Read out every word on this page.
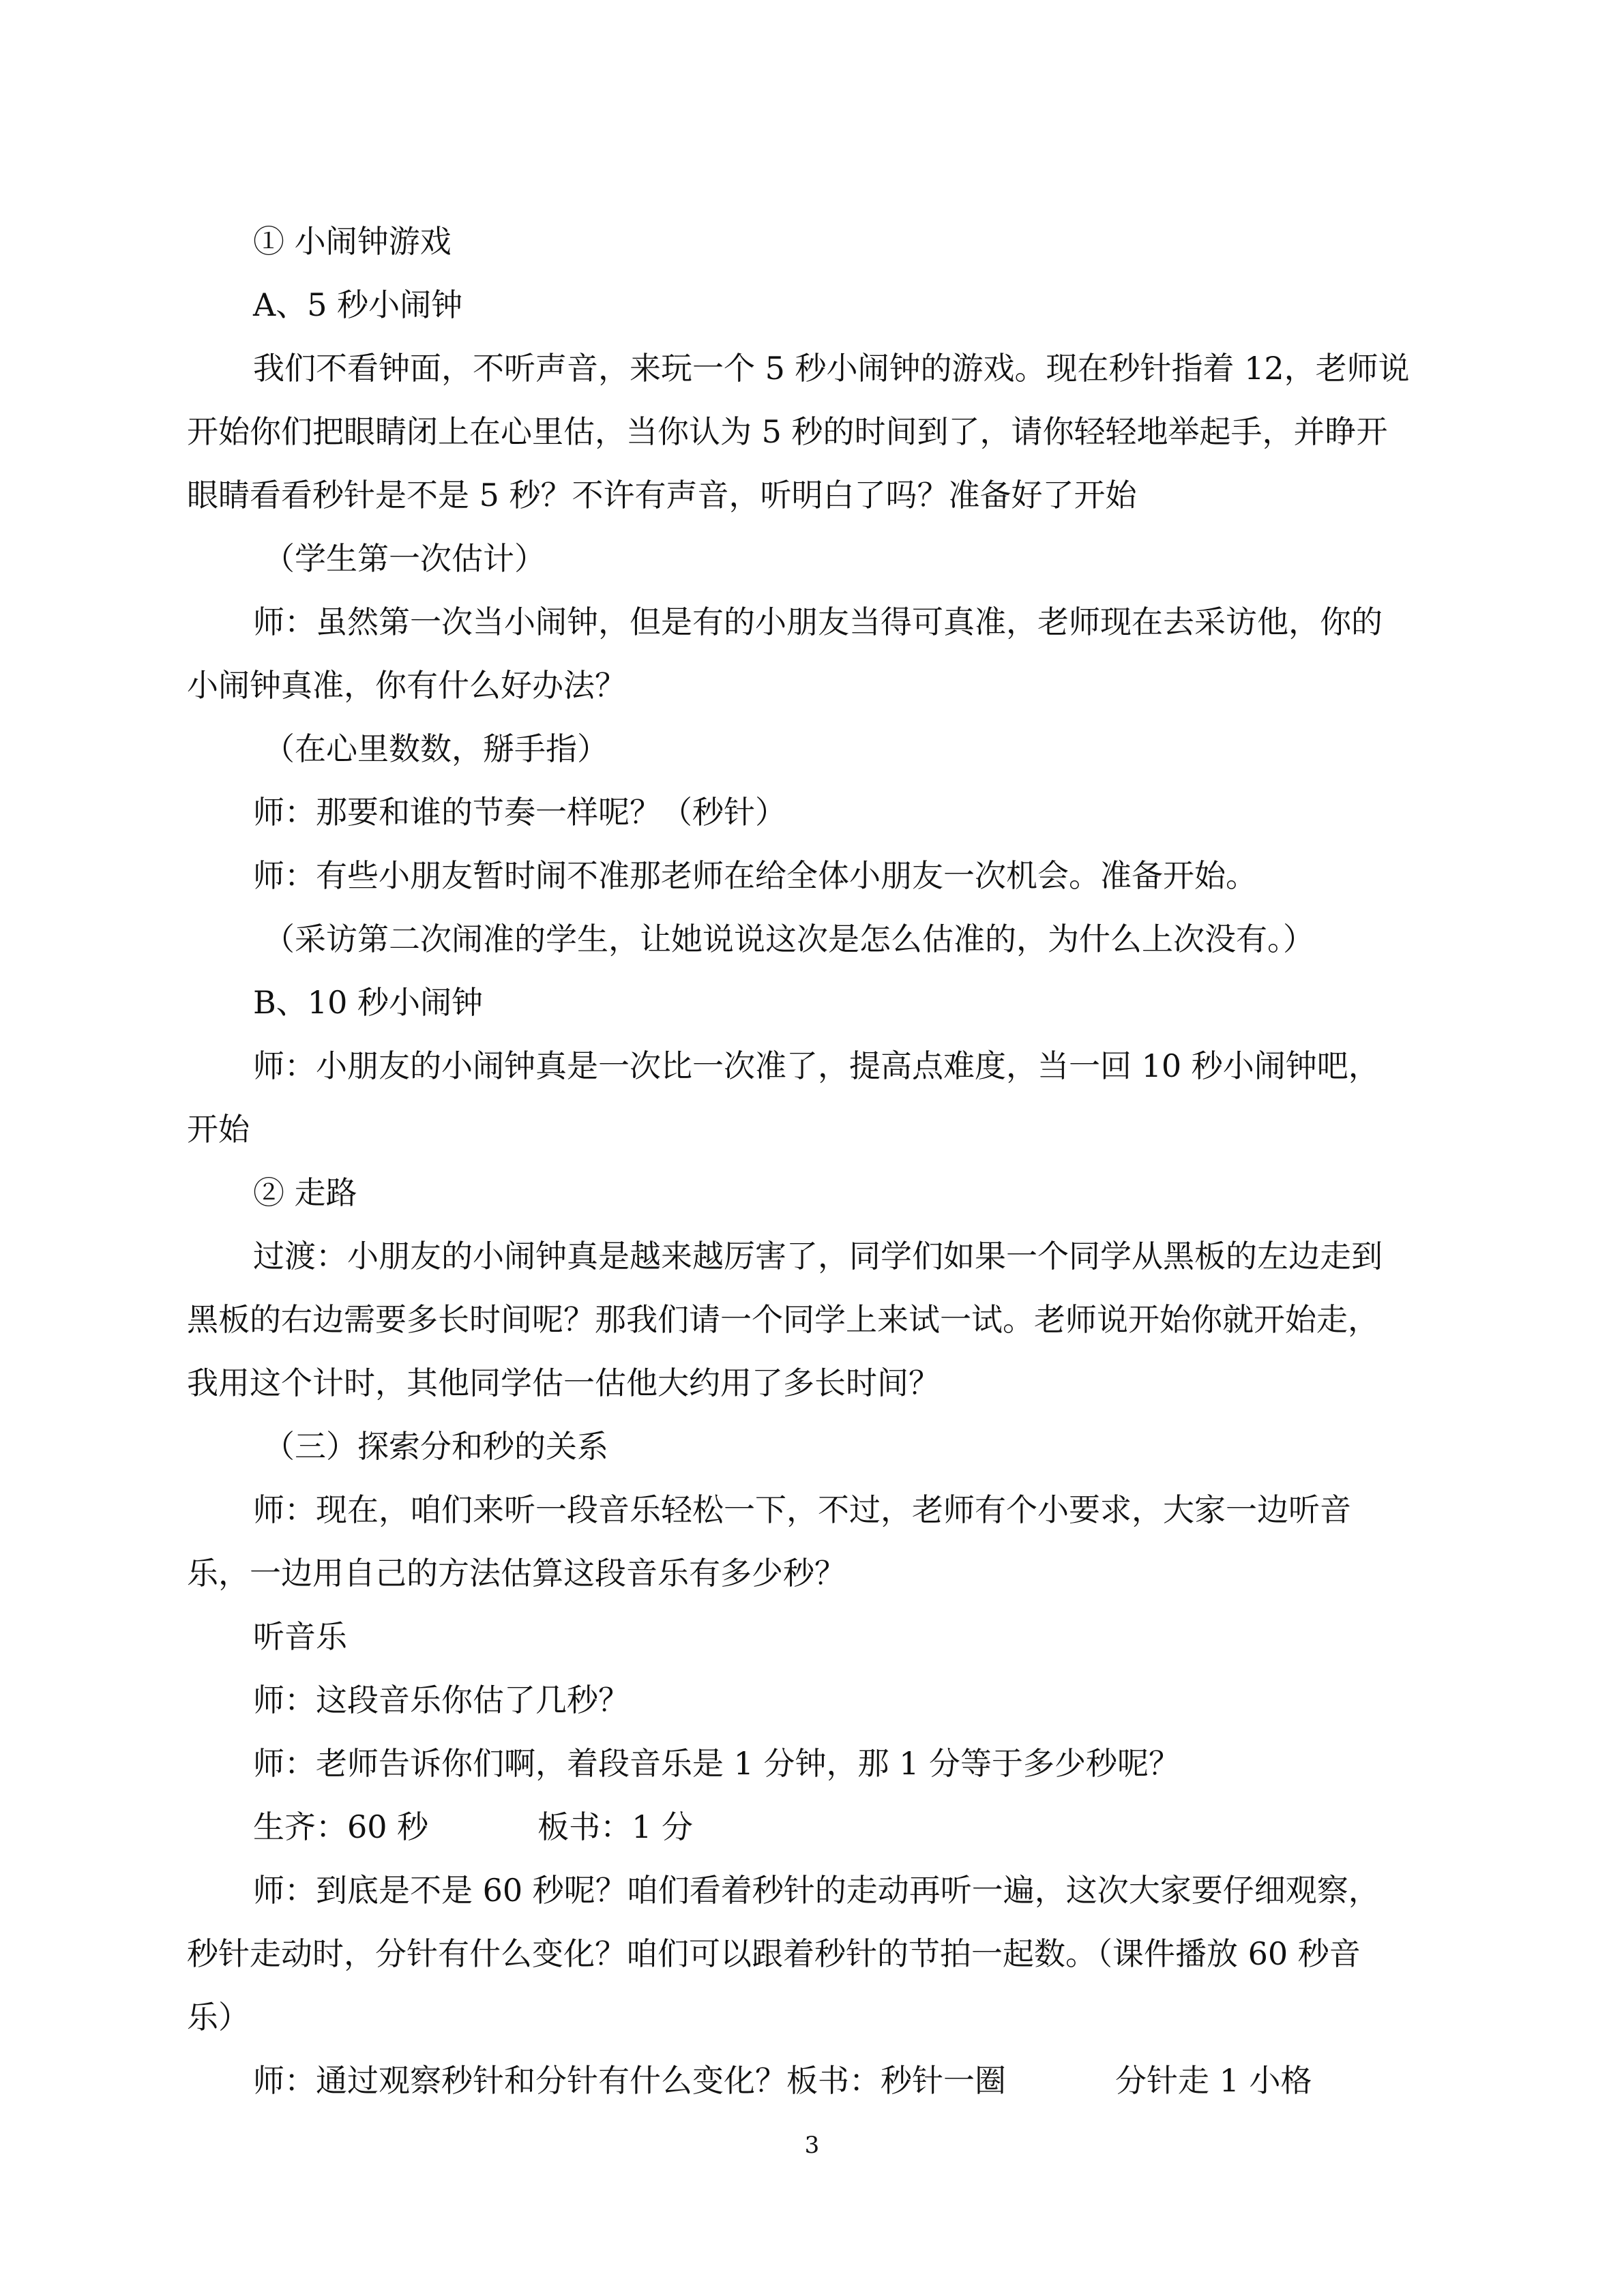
① 小闹钟游戏
A、5 秒小闹钟
我们不看钟面，不听声音，来玩一个 5 秒小闹钟的游戏。现在秒针指着 12，老师说
开始你们把眼睛闭上在心里估，当你认为 5 秒的时间到了，请你轻轻地举起手，并睁开
眼睛看看秒针是不是 5 秒？不许有声音，听明白了吗？准备好了开始
（学生第一次估计）
师：虽然第一次当小闹钟，但是有的小朋友当得可真准，老师现在去采访他，你的
小闹钟真准，你有什么好办法？
（在心里数数，掰手指）
师：那要和谁的节奏一样呢？（秒针）
师：有些小朋友暂时闹不准那老师在给全体小朋友一次机会。准备开始。
（采访第二次闹准的学生，让她说说这次是怎么估准的，为什么上次没有。）
B、10 秒小闹钟
师：小朋友的小闹钟真是一次比一次准了，提高点难度，当一回 10 秒小闹钟吧，
开始
② 走路
过渡：小朋友的小闹钟真是越来越厉害了，同学们如果一个同学从黑板的左边走到
黑板的右边需要多长时间呢？那我们请一个同学上来试一试。老师说开始你就开始走，
我用这个计时，其他同学估一估他大约用了多长时间？
（三）探索分和秒的关系
师：现在，咱们来听一段音乐轻松一下，不过，老师有个小要求，大家一边听音
乐，一边用自己的方法估算这段音乐有多少秒？
听音乐
师：这段音乐你估了几秒？
师：老师告诉你们啊，着段音乐是 1 分钟，那 1 分等于多少秒呢？
生齐：60 秒	板书：1 分
师：到底是不是 60 秒呢？咱们看着秒针的走动再听一遍，这次大家要仔细观察，
秒针走动时，分针有什么变化？咱们可以跟着秒针的节拍一起数。（课件播放 60 秒音
乐）
师：通过观察秒针和分针有什么变化？板书：秒针一圈	分针走 1 小格
3
